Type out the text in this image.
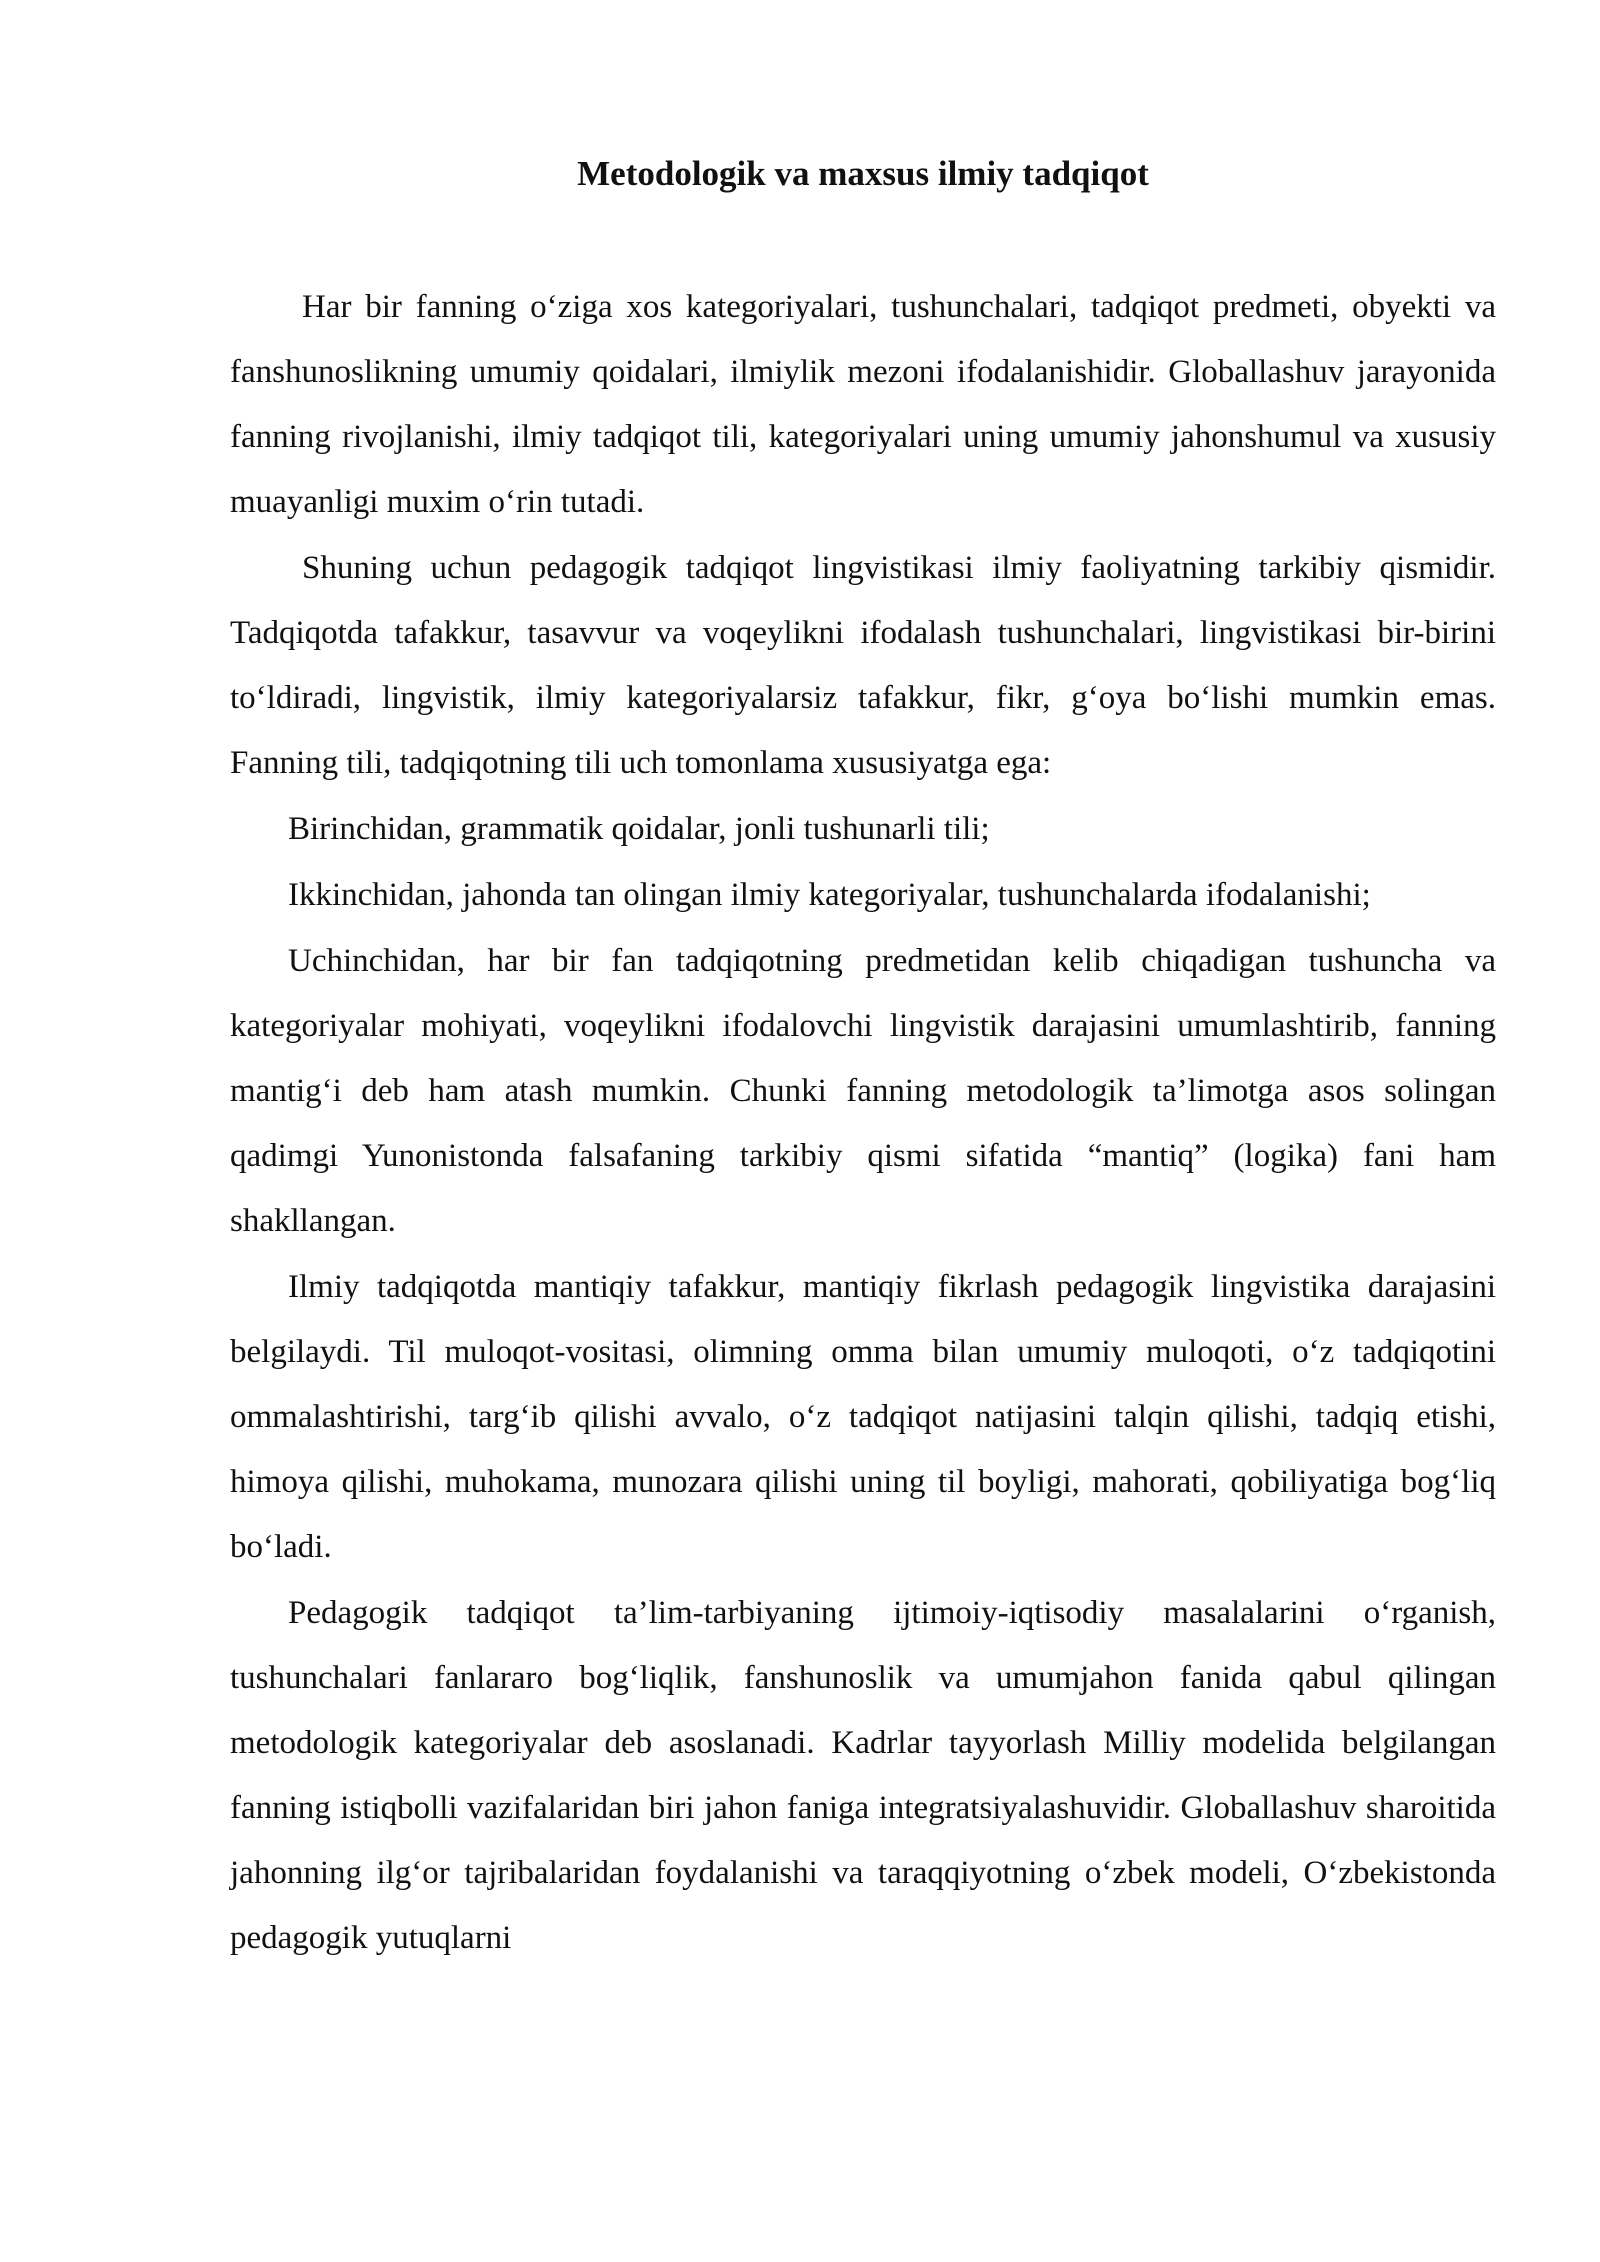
Metodologik va maxsus ilmiy tadqiqot

Har bir fanning o‘ziga xos kategoriyalari, tushunchalari, tadqiqot predmeti, obyekti va fanshunoslikning umumiy qoidalari, ilmiylik mezoni ifodalanishidir. Globallashuv jarayonida fanning rivojlanishi, ilmiy tadqiqot tili, kategoriyalari uning umumiy jahonshumul va xususiy muayanligi muxim o‘rin tutadi.

Shuning uchun pedagogik tadqiqot lingvistikasi ilmiy faoliyatning tarkibiy qismidir. Tadqiqotda tafakkur, tasavvur va voqeylikni ifodalash tushunchalari, lingvistikasi bir-birini to‘ldiradi, lingvistik, ilmiy kategoriyalarsiz tafakkur, fikr, g‘oya bo‘lishi mumkin emas. Fanning tili, tadqiqotning tili uch tomonlama xususiyatga ega:

Birinchidan, grammatik qoidalar, jonli tushunarli tili;

Ikkinchidan, jahonda tan olingan ilmiy kategoriyalar, tushunchalarda ifodalanishi;

Uchinchidan, har bir fan tadqiqotning predmetidan kelib chiqadigan tushuncha va kategoriyalar mohiyati, voqeylikni ifodalovchi lingvistik darajasini umumlashtirib, fanning mantig‘i deb ham atash mumkin. Chunki fanning metodologik ta’limotga asos solingan qadimgi Yunonistonda falsafaning tarkibiy qismi sifatida “mantiq” (logika) fani ham shakllangan.

Ilmiy tadqiqotda mantiqiy tafakkur, mantiqiy fikrlash pedagogik lingvistika darajasini belgilaydi. Til muloqot-vositasi, olimning omma bilan umumiy muloqoti, o‘z tadqiqotini ommalashtirishi, targ‘ib qilishi avvalo, o‘z tadqiqot natijasini talqin qilishi, tadqiq etishi, himoya qilishi, muhokama, munozara qilishi uning til boyligi, mahorati, qobiliyatiga bog‘liq bo‘ladi.

Pedagogik tadqiqot ta’lim-tarbiyaning ijtimoiy-iqtisodiy masalalarini o‘rganish, tushunchalari fanlararo bog‘liqlik, fanshunoslik va umumjahon fanida qabul qilingan metodologik kategoriyalar deb asoslanadi. Kadrlar tayyorlash Milliy modelida belgilangan fanning istiqbolli vazifalaridan biri jahon faniga integratsiyalashuvidir. Globallashuv sharoitida jahonning ilg‘or tajribalaridan foydalanishi va taraqqiyotning o‘zbek modeli, O‘zbekistonda pedagogik yutuqlarni
